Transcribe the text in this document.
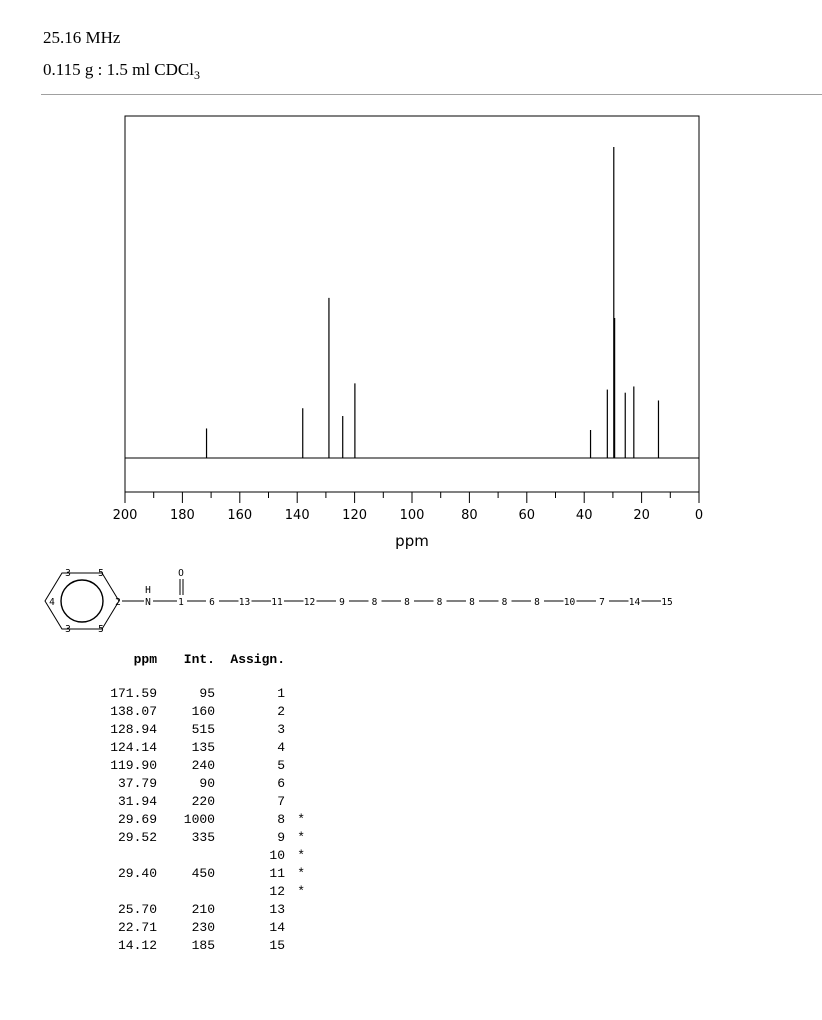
25.16 MHz
0.115 g : 1.5 ml CDCl$_3$
200	180	160	140	120	100	80	60	40	20	0
ppm
3	5
4	2
3	5
H
N
O
1	6	13 11 12	9	8	8	8	8	8	8	10	7	14 15
ppm	Int.	Assign.	
171.59	95	1	
138.07	160	2	
128.94	515	3	
124.14	135	4	
119.90	240	5	
37.79	90	6	
31.94	220	7	
29.69	1000	8	*
29.52	335	9	*
		10	*
29.40	450	11	*
		12	*
25.70	210	13	
22.71	230	14	
14.12	185	15	
